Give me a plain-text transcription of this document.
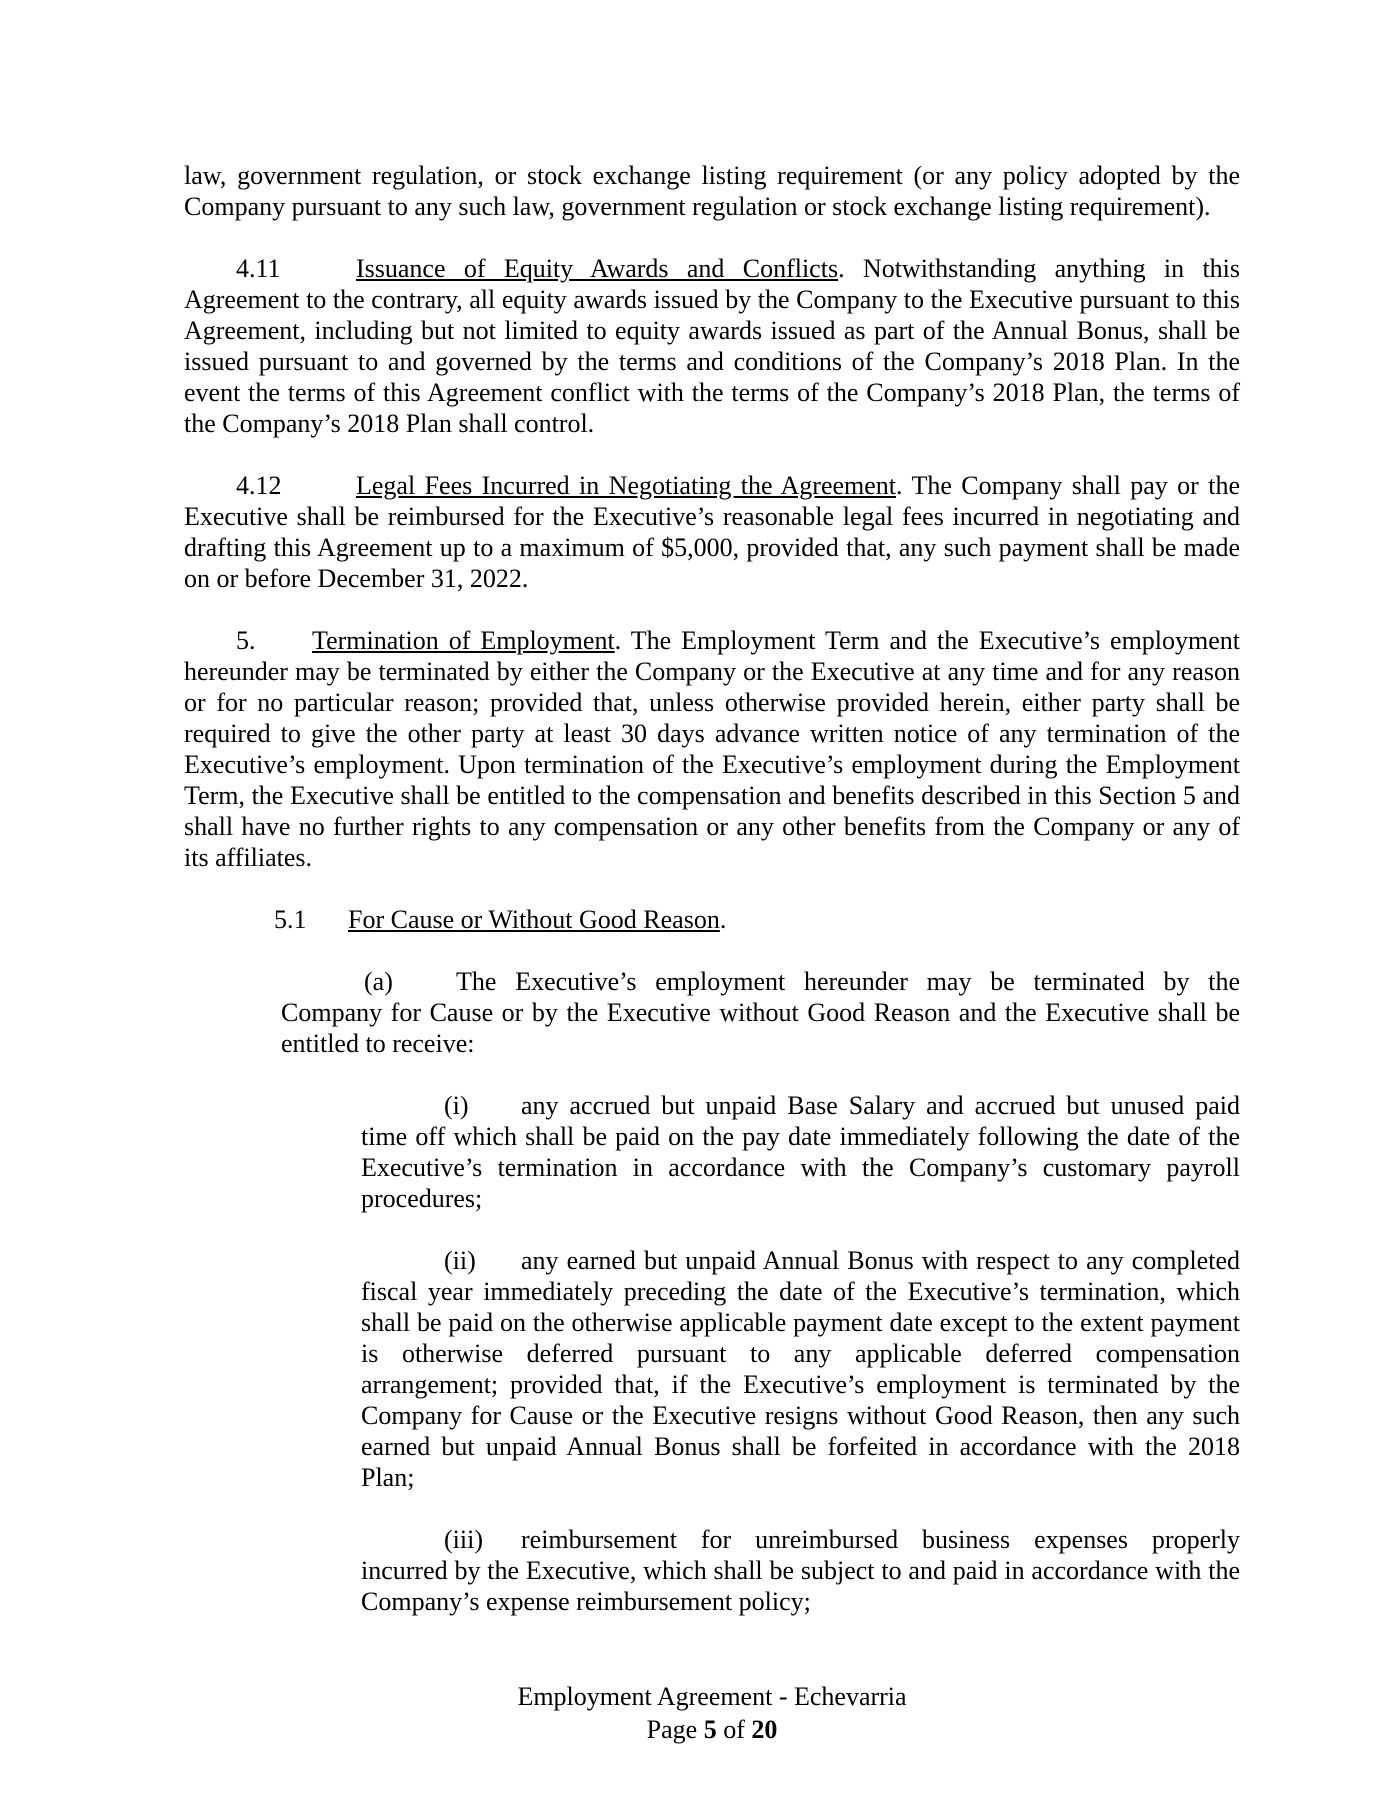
law, government regulation, or stock exchange listing requirement (or any policy adopted by the Company pursuant to any such law, government regulation or stock exchange listing requirement).

4.11	Issuance of Equity Awards and Conflicts. Notwithstanding anything in this Agreement to the contrary, all equity awards issued by the Company to the Executive pursuant to this Agreement, including but not limited to equity awards issued as part of the Annual Bonus, shall be issued pursuant to and governed by the terms and conditions of the Company’s 2018 Plan. In the event the terms of this Agreement conflict with the terms of the Company’s 2018 Plan, the terms of the Company’s 2018 Plan shall control.

4.12	Legal Fees Incurred in Negotiating the Agreement. The Company shall pay or the Executive shall be reimbursed for the Executive’s reasonable legal fees incurred in negotiating and drafting this Agreement up to a maximum of $5,000, provided that, any such payment shall be made on or before December 31, 2022.

5. Termination of Employment. The Employment Term and the Executive’s employment hereunder may be terminated by either the Company or the Executive at any time and for any reason or for no particular reason; provided that, unless otherwise provided herein, either party shall be required to give the other party at least 30 days advance written notice of any termination of the Executive’s employment. Upon termination of the Executive’s employment during the Employment Term, the Executive shall be entitled to the compensation and benefits described in this Section 5 and shall have no further rights to any compensation or any other benefits from the Company or any of its affiliates.

5.1 For Cause or Without Good Reason.

(a) The Executive’s employment hereunder may be terminated by the Company for Cause or by the Executive without Good Reason and the Executive shall be entitled to receive:

(i) any accrued but unpaid Base Salary and accrued but unused paid time off which shall be paid on the pay date immediately following the date of the Executive’s termination in accordance with the Company’s customary payroll procedures;

(ii) any earned but unpaid Annual Bonus with respect to any completed fiscal year immediately preceding the date of the Executive’s termination, which shall be paid on the otherwise applicable payment date except to the extent payment is otherwise deferred pursuant to any applicable deferred compensation arrangement; provided that, if the Executive’s employment is terminated by the Company for Cause or the Executive resigns without Good Reason, then any such earned but unpaid Annual Bonus shall be forfeited in accordance with the 2018 Plan;

(iii) reimbursement for unreimbursed business expenses properly incurred by the Executive, which shall be subject to and paid in accordance with the Company’s expense reimbursement policy;

Employment Agreement - Echevarria
Page 5 of 20
